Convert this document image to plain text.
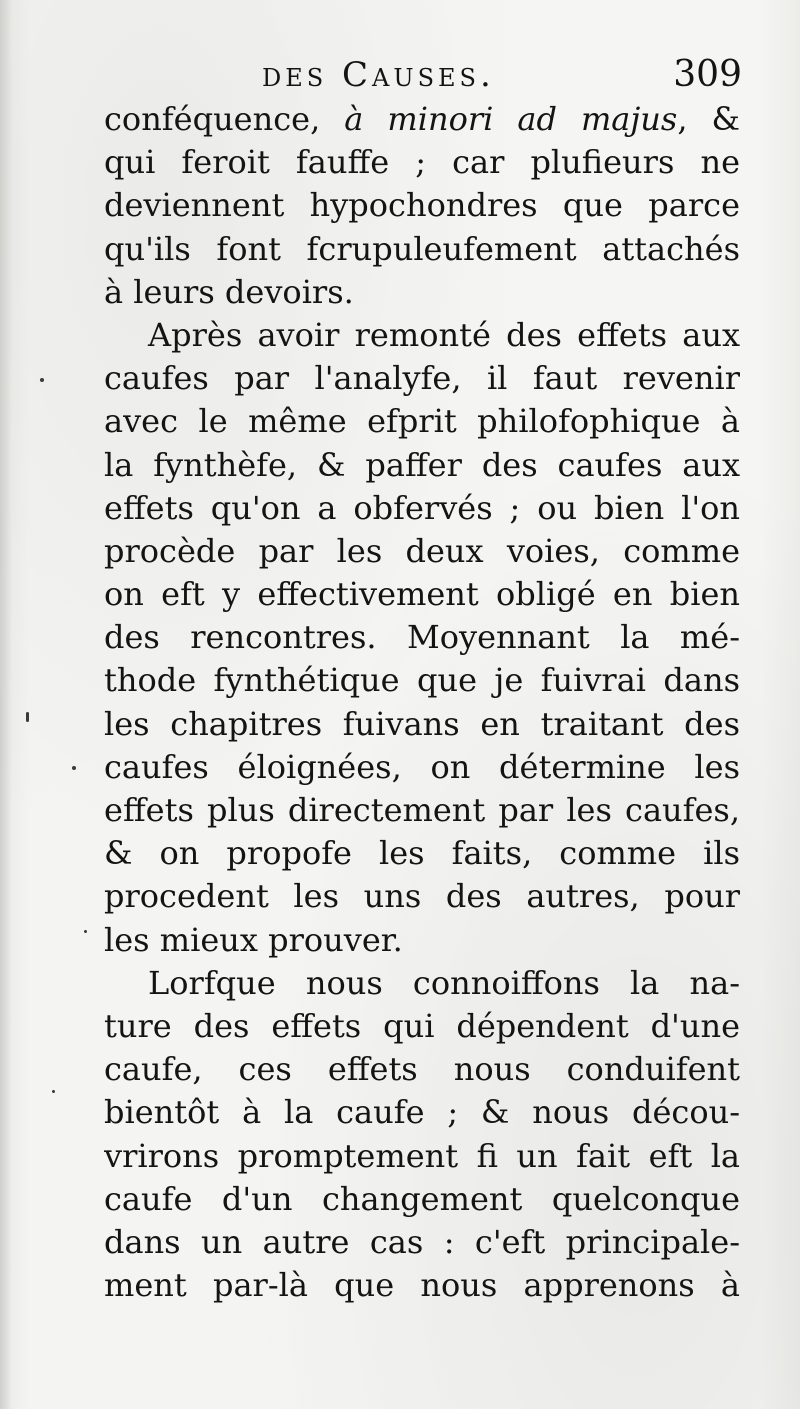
des Causes.	309
conféquence, à minori ad majus, &
qui feroit fauffe ; car plufieurs ne
deviennent hypochondres que parce
qu'ils font fcrupuleufement attachés
à leurs devoirs.
Après avoir remonté des effets aux
caufes par l'analyfe, il faut revenir
avec le même efprit philofophique à
la fynthèfe, & paffer des caufes aux
effets qu'on a obfervés ; ou bien l'on
procède par les deux voies, comme
on eft y effectivement obligé en bien
des rencontres. Moyennant la mé-
thode fynthétique que je fuivrai dans
les chapitres fuivans en traitant des
caufes éloignées, on détermine les
effets plus directement par les caufes,
& on propofe les faits, comme ils
procedent les uns des autres, pour
les mieux prouver.
Lorfque nous connoiffons la na-
ture des effets qui dépendent d'une
caufe, ces effets nous conduifent
bientôt à la caufe ; & nous décou-
vrirons promptement fi un fait eft la
caufe d'un changement quelconque
dans un autre cas : c'eft principale-
ment par-là que nous apprenons à
